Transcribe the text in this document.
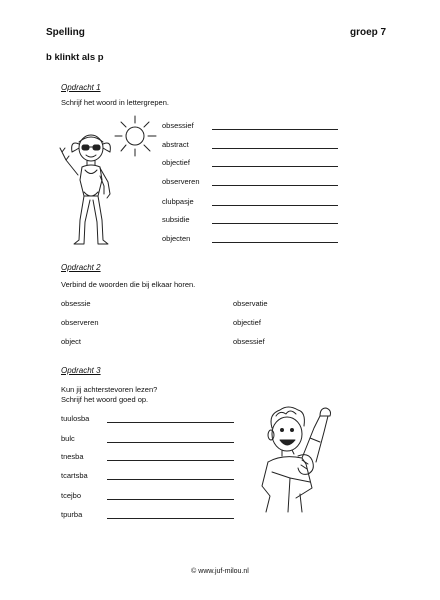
Spelling	groep 7
b klinkt als p
Opdracht 1
Schrijf het woord in lettergrepen.
obsessief
abstract
objectief
observeren
clubpasje
subsidie
objecten
Opdracht 2
Verbind de woorden die bij elkaar horen.
obsessie
observeren
object
observatie
objectief
obsessief
Opdracht 3
Kun jij achterstevoren lezen?
Schrijf het woord goed op.
tuulosba
bulc
tnesba
tcartsba
tcejbo
tpurba
© www.juf-milou.nl
